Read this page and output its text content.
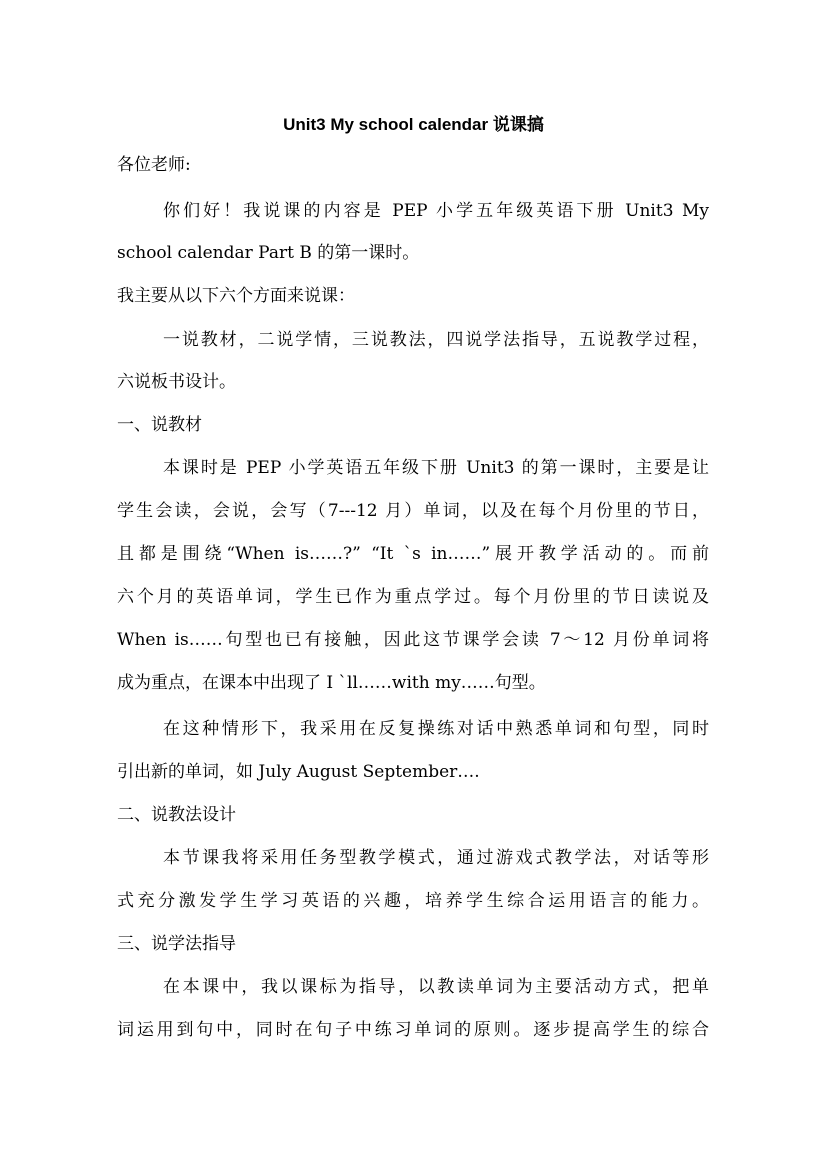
Unit3 My school calendar 说课搞

各位老师:

你们好！我说课的内容是 PEP 小学五年级英语下册 Unit3 My

school calendar Part B 的第一课时。

我主要从以下六个方面来说课：

一说教材，二说学情，三说教法，四说学法指导，五说教学过程，

六说板书设计。

一、说教材

本课时是 PEP 小学英语五年级下册 Unit3 的第一课时，主要是让

学生会读，会说，会写（7---12 月）单词，以及在每个月份里的节日，

且都是围绕“When is……?” “It `s in……”展开教学活动的。而前

六个月的英语单词，学生已作为重点学过。每个月份里的节日读说及

When is……句型也已有接触，因此这节课学会读 7～12 月份单词将

成为重点，在课本中出现了 I `ll……with my……句型。

在这种情形下，我采用在反复操练对话中熟悉单词和句型，同时

引出新的单词，如 July August September….

二、说教法设计

本节课我将采用任务型教学模式，通过游戏式教学法，对话等形

式充分激发学生学习英语的兴趣，培养学生综合运用语言的能力。

三、说学法指导

在本课中，我以课标为指导，以教读单词为主要活动方式，把单

词运用到句中，同时在句子中练习单词的原则。逐步提高学生的综合
